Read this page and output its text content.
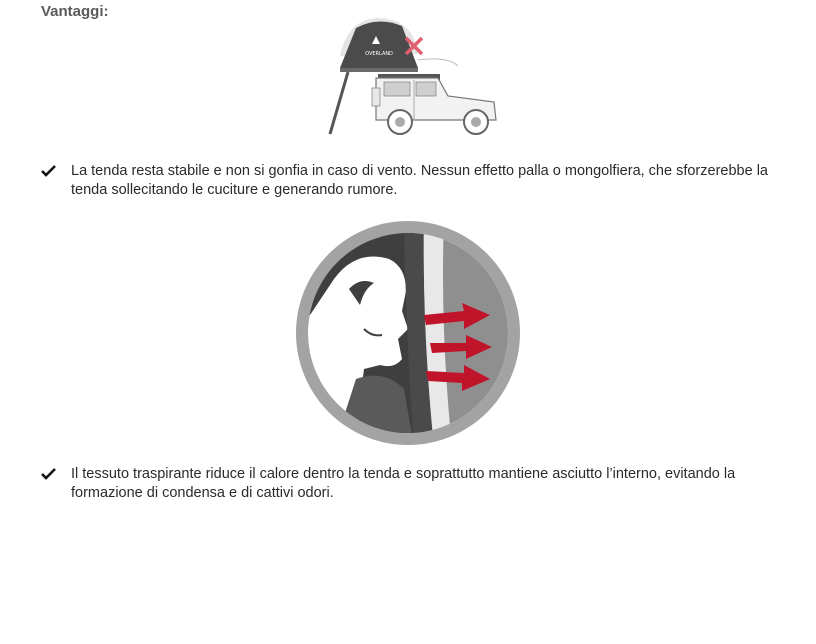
Vantaggi:
OVERLAND
La tenda resta stabile e non si gonfia in caso di vento. Nessun effetto palla o mongolfiera, che sforzerebbe la tenda sollecitando le cuciture e generando rumore.
Il tessuto traspirante riduce il calore dentro la tenda e soprattutto mantiene asciutto l’interno, evitando la formazione di condensa e di cattivi odori.
